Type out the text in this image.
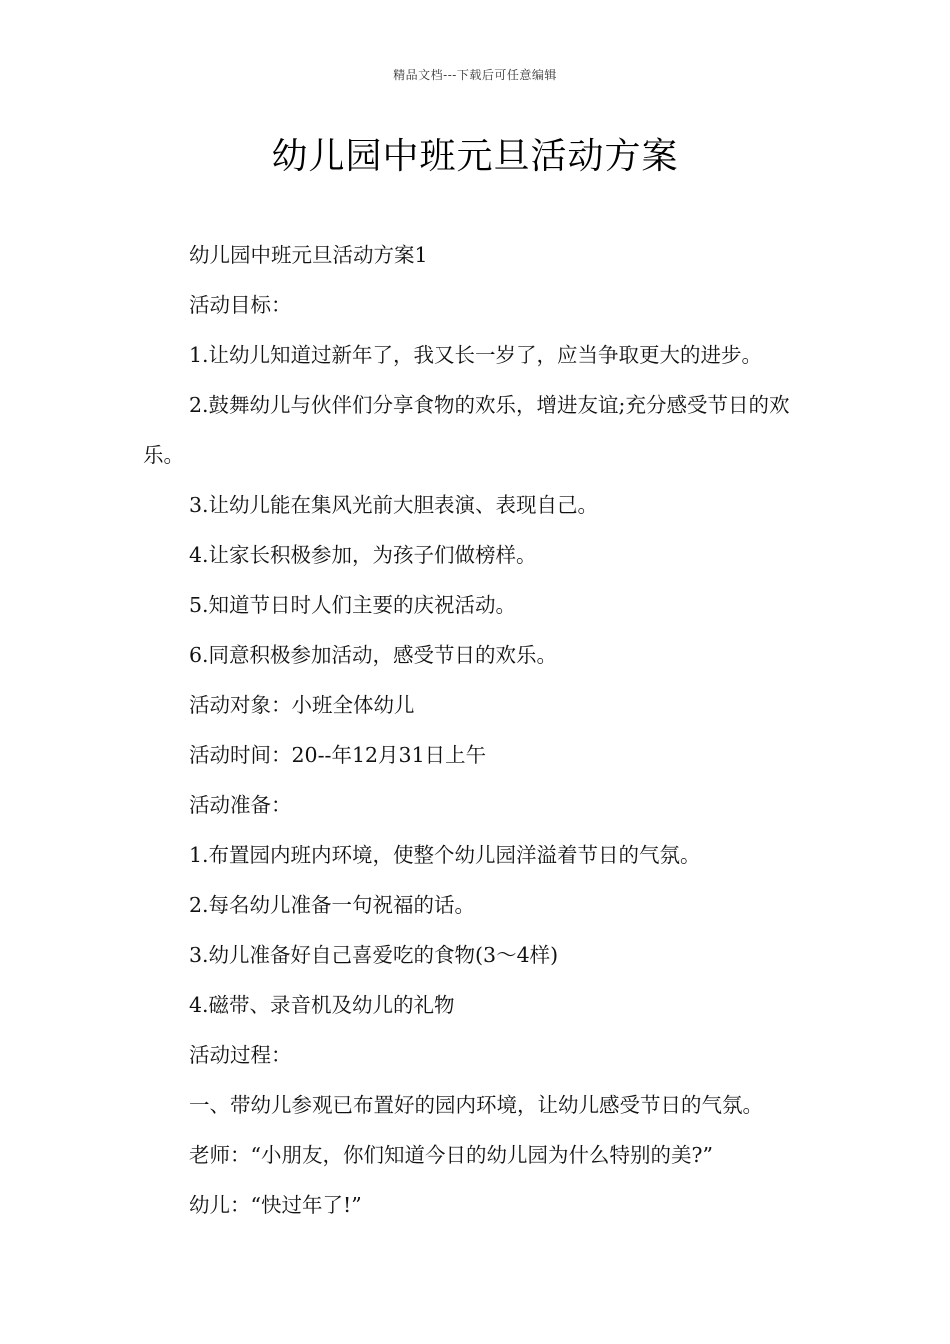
精品文档---下载后可任意编辑
幼儿园中班元旦活动方案

幼儿园中班元旦活动方案1

活动目标：

1.让幼儿知道过新年了，我又长一岁了，应当争取更大的进步。

2.鼓舞幼儿与伙伴们分享食物的欢乐，增进友谊;充分感受节日的欢乐。

3.让幼儿能在集风光前大胆表演、表现自己。

4.让家长积极参加，为孩子们做榜样。

5.知道节日时人们主要的庆祝活动。

6.同意积极参加活动，感受节日的欢乐。

活动对象：小班全体幼儿

活动时间：20--年12月31日上午

活动准备：

1.布置园内班内环境，使整个幼儿园洋溢着节日的气氛。

2.每名幼儿准备一句祝福的话。

3.幼儿准备好自己喜爱吃的食物(3～4样)

4.磁带、录音机及幼儿的礼物

活动过程：

一、带幼儿参观已布置好的园内环境，让幼儿感受节日的气氛。

老师：“小朋友，你们知道今日的幼儿园为什么特别的美?”

幼儿：“快过年了!”
